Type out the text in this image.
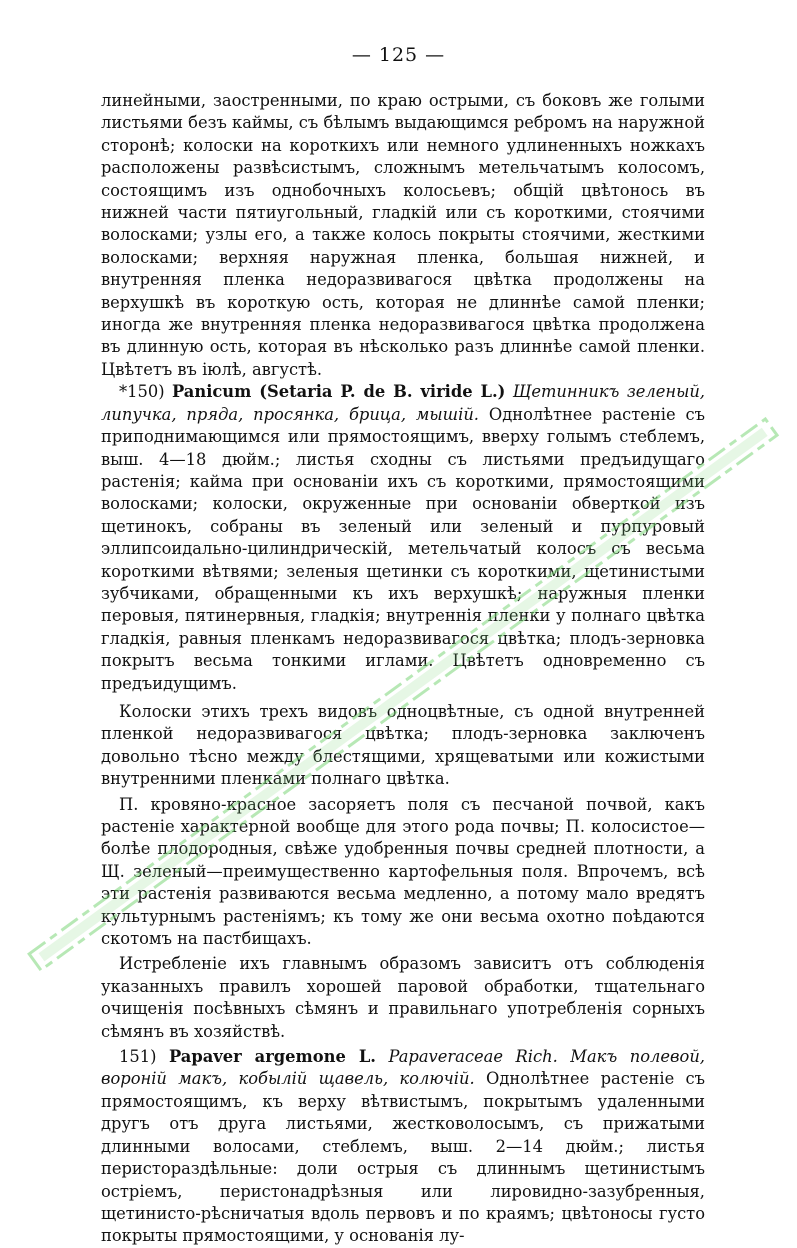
— 125 —

линейными, заостренными, по краю острыми, съ боковъ же голыми листьями безъ каймы, съ бѣлымъ выдающимся ребромъ на наружной сторонѣ; колоски на короткихъ или немного удлиненныхъ ножкахъ расположены развѣсистымъ, сложнымъ метельчатымъ колосомъ, состоящимъ изъ однобочныхъ колосьевъ; общій цвѣтонось въ нижней части пятиугольный, гладкій или съ короткими, стоячими волосками; узлы его, а также колось покрыты стоячими, жесткими волосками; верхняя наружная пленка, большая нижней, и внутренняя пленка недоразвивагося цвѣтка продолжены на верхушкѣ въ короткую ость, которая не длиннѣе самой пленки; иногда же внутренняя пленка недоразвивагося цвѣтка продолжена въ длинную ость, которая въ нѣсколько разъ длиннѣе самой пленки. Цвѣтетъ въ іюлѣ, августѣ.

*150) Panicum (Setaria P. de B. viride L.) Щетинникъ зеленый, липучка, пряда, просянка, брица, мышій. Однолѣтнее растеніе съ приподнимающимся или прямостоящимъ, вверху голымъ стеблемъ, выш. 4—18 дюйм.; листья сходны съ листьями предъидущаго растенія; кайма при основаніи ихъ съ короткими, прямостоящими волосками; колоски, окруженные при основаніи обверткой изъ щетинокъ, собраны въ зеленый или зеленый и пурпуровый эллипсоидально-цилиндрическій, метельчатый колосъ съ весьма короткими вѣтвями; зеленыя щетинки съ короткими, щетинистыми зубчиками, обращенными къ ихъ верхушкѣ; наружныя пленки перовыя, пятинервныя, гладкія; внутреннія пленки у полнаго цвѣтка гладкія, равныя пленкамъ недоразвивагося цвѣтка; плодъ-зерновка покрытъ весьма тонкими иглами. Цвѣтетъ одновременно съ предъидущимъ.

Колоски этихъ трехъ видовъ одноцвѣтные, съ одной внутренней пленкой недоразвивагося цвѣтка; плодъ-зерновка заключенъ довольно тѣсно между блестящими, хрящеватыми или кожистыми внутренними пленками полнаго цвѣтка.

П. кровяно-красное засоряетъ поля съ песчаной почвой, какъ растеніе характерной вообще для этого рода почвы; П. колосистое—болѣе плодородныя, свѣже удобренныя почвы средней плотности, а Щ. зеленый—преимущественно картофельныя поля. Впрочемъ, всѣ эти растенія развиваются весьма медленно, а потому мало вредятъ культурнымъ растеніямъ; къ тому же они весьма охотно поѣдаются скотомъ на пастбищахъ.

Истребленіе ихъ главнымъ образомъ зависитъ отъ соблюденія указанныхъ правилъ хорошей паровой обработки, тщательнаго очищенія посѣвныхъ сѣмянъ и правильнаго употребленія сорныхъ сѣмянъ въ хозяйствѣ.

151) Papaver argemone L. Papaveraceae Rich. Макъ полевой, вороній макъ, кобылій щавель, колючій. Однолѣтнее растеніе съ прямостоящимъ, къ верху вѣтвистымъ, покрытымъ удаленными другъ отъ друга листьями, жестковолосымъ, съ прижатыми длинными волосами, стеблемъ, выш. 2—14 дюйм.; листья перистораздѣльные: доли острыя съ длиннымъ щетинистымъ остріемъ, перистонадрѣзныя или лировидно-зазубренныя, щетинисто-рѣсничатыя вдоль первовъ и по краямъ; цвѣтоносы густо покрыты прямостоящими, у основанія лу-
